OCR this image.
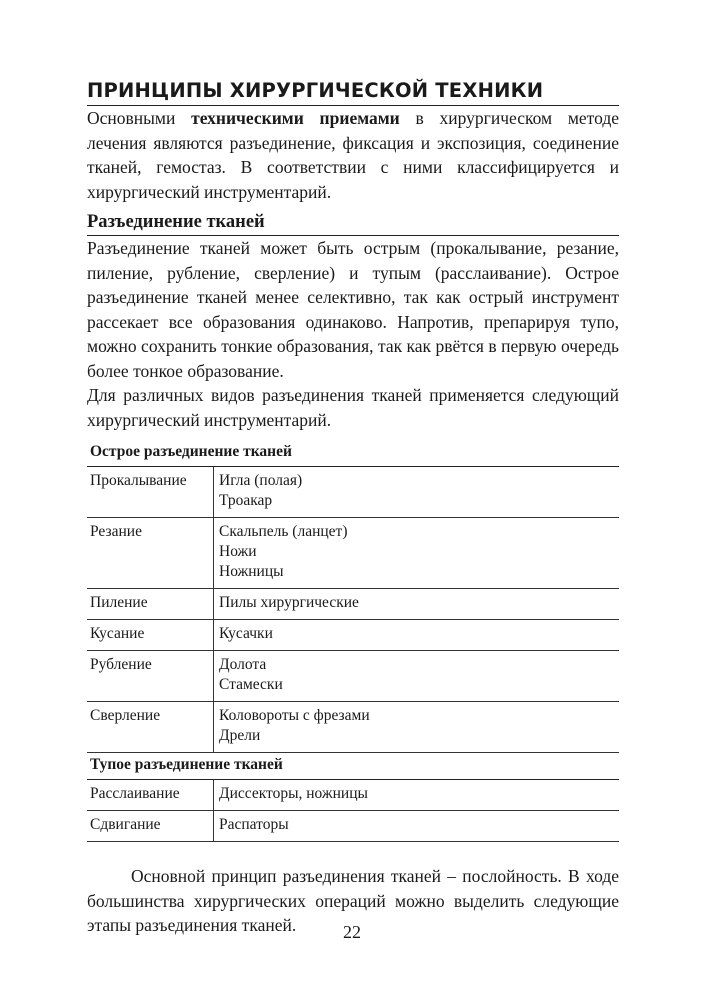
ПРИНЦИПЫ ХИРУРГИЧЕСКОЙ ТЕХНИКИ

Основными техническими приемами в хирургическом методе лечения являются разъединение, фиксация и экспозиция, соединение тканей, гемостаз. В соответствии с ними классифицируется и хирургический инструментарий.

Разъединение тканей

Разъединение тканей может быть острым (прокалывание, резание, пиление, рубление, сверление) и тупым (расслаивание). Острое разъединение тканей менее селективно, так как острый инструмент рассекает все образования одинаково. Напротив, препарируя тупо, можно сохранить тонкие образования, так как рвётся в первую очередь более тонкое образование.

Для различных видов разъединения тканей применяется следующий хирургический инструментарий.

Острое разъединение тканей	
Прокалывание	Игла (полая)
Троакар

Резание	Скальпель (ланцет)
Ножи
Ножницы

Пиление	Пилы хирургические

Кусание	Кусачки

Рубление	Долота
Стамески

Сверление	Коловороты с фрезами
Дрели

Тупое разъединение тканей	
Расслаивание	Диссекторы, ножницы

Сдвигание	Распаторы

Основной принцип разъединения тканей – послойность. В ходе большинства хирургических операций можно выделить следующие этапы разъединения тканей.	22
